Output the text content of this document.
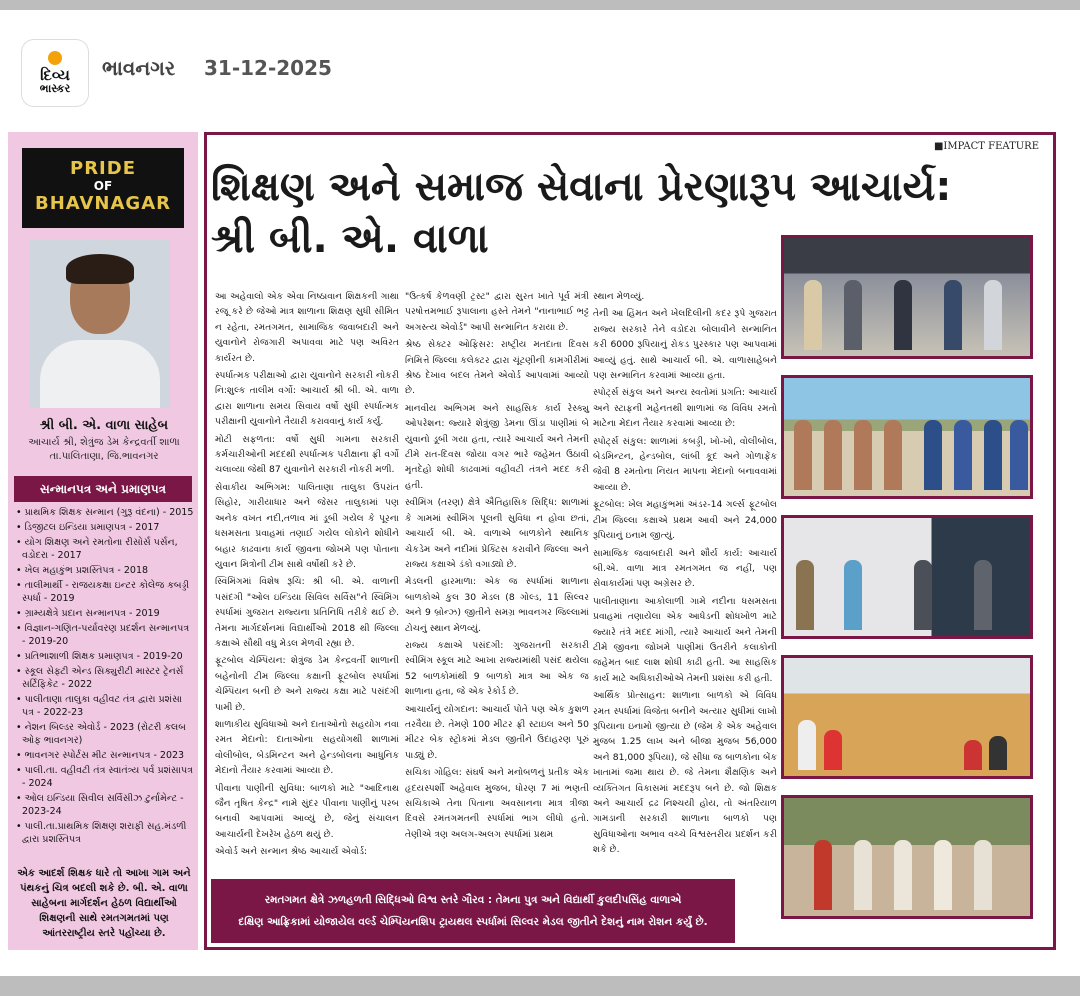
દિવ્ય
ભાસ્કર
ભાવનગર 31-12-2025
PRIDE
OF
BHAVNAGAR
શ્રી બી. એ. વાળા સાહેબ
આચાર્ય શ્રી, શેત્રુંજ ડેમ કેન્દ્રવર્તી શાળા તા.પાલિતાણા, જિ.ભાવનગર
સન્માનપત્ર અને પ્રમાણપત્ર
• પ્રાથમિક શિક્ષક સન્માન (ગુરૂ વંદના) - 2015
• ડિજીટલ ઇન્ડિયા પ્રમાણપત્ર - 2017
• યોગ શિક્ષણ અને રમતોના રીસોર્સ પર્સન, વડોદરા - 2017
• ખેલ મહાકુંભ પ્રશસ્તિપત્ર - 2018
• તાલીમાર્થી - રાજયકક્ષા ઇન્ટર કોલેજ કબડ્ડી સ્પર્ધા - 2019
• ગ્રામ્યક્ષેત્રે પ્રદાન સન્માનપત્ર - 2019
• વિજ્ઞાન-ગણિત-પર્યાવરણ પ્રદર્શન સન્માનપત્ર - 2019-20
• પ્રતિભાશાળી શિક્ષક પ્રમાણપત્ર - 2019-20
• સ્કૂલ સેફ્ટી એન્ડ સિક્યુરીટી માસ્ટર ટ્રેનર્સ સર્ટિફિકેટ - 2022
• પાલીતાણા તાલુકા વહીવટ તંત્ર દ્વારા પ્રશંસા પત્ર - 2022-23
• નેશન બિલ્ડર એવોર્ડ - 2023 (રોટરી કલબ ઓફ ભાવનગર)
• ભાવનગર સ્પોર્ટસ મીટ સન્માનપત્ર - 2023
• પાલી.તા. વહીવટી તંત્ર સ્વાતંત્ર્ય પર્વ પ્રશંસાપત્ર - 2024
• ઓલ ઇન્ડિયા સિવીલ સર્વિસીઝ ટુર્નામેન્ટ - 2023-24
• પાલી.તા.પ્રાથમિક શિક્ષણ શરાફી સહ.મંડળી દ્વારા પ્રશસ્તિપત્ર
એક આદર્શ શિક્ષક ધારે તો આખા ગામ અને પંથકનું ચિત્ર બદલી શકે છે. બી. એ. વાળા સાહેબના માર્ગદર્શન હેઠળ વિદ્યાર્થીઓ શિક્ષણની સાથે રમતગમતમાં પણ આંતરરાષ્ટ્રીય સ્તરે પહોંચ્યા છે.
■IMPACT FEATURE
શિક્ષણ અને સમાજ સેવાના પ્રેરણારૂપ આચાર્ય:
શ્રી બી. એ. વાળા

આ અહેવાલો એક એવા નિષ્ઠાવાન શિક્ષકની ગાથા રજૂ કરે છે જેઓ માત્ર શાળાના શિક્ષણ સુધી સીમિત ન રહેતા, રમતગમત, સામાજિક જવાબદારી અને યુવાનોને રોજગારી અપાવવા માટે પણ અવિરત કાર્યરત છે.

સ્પર્ધાત્મક પરીક્ષાઓ દ્વારા યુવાનોને સરકારી નોકરી નિ:શુલ્ક તાલીમ વર્ગો: આચાર્ય શ્રી બી. એ. વાળા દ્વારા શાળાના સમય સિવાય વર્ષો સુધી સ્પર્ધાત્મક પરીક્ષાની યુવાનોને તૈયારી કરાવવાનું કાર્ય કર્યું.

મોટી સફળતા: વર્ષો સુધી ગામના સરકારી કર્મચારીઓની મદદથી સ્પર્ધાત્મક પરીક્ષાના ફ્રી વર્ગો ચલાવ્યા જેથી 87 યુવાનોને સરકારી નોકરી મળી.

સેવાકીય અભિગમ: પાલિતાણા તાલુકા ઉપરાંત સિહોર, ગારીયાધાર અને જેસર તાલુકામાં પણ અનેક વખત નદી,તળાવ માં ડૂબી ગયેલ કે પૂરના ધસમસતા પ્રવાહમાં તણાઈ ગયેલ લોકોને શોધીને બહાર કાઢવાના કાર્ય જીવના જોખમે પણ પોતાના યુવાન મિત્રોની ટીમ સાથે વર્ષોથી કરે છે.

સ્વિમિંગમાં વિશેષ રૂચિ: શ્રી બી. એ. વાળાની પસંદગી "ઓલ ઇન્ડિયા સિવિલ સર્વિસ"ને સ્વિમિંગ સ્પર્ધામાં ગુજરાત રાજ્યના પ્રતિનિધિ તરીકે થઈ છે. તેમના માર્ગદર્શનમાં વિદ્યાર્થીઓ 2018 થી જિલ્લા કક્ષાએ સૌથી વધુ મેડલ મેળવી રહ્યા છે.

ફૂટબોલ ચેમ્પિયન: શેત્રુંજ ડેમ કેન્દ્રવર્તી શાળાની બહેનોની ટીમ જિલ્લા કક્ષાની ફૂટબોલ સ્પર્ધામાં ચેમ્પિયન બની છે અને રાજ્ય કક્ષા માટે પસંદગી પામી છે.

શાળાકીય સુવિધાઓ અને દાતાઓનો સહયોગ નવા રમત મેદાનો: દાતાઓના સહયોગથી શાળામાં વોલીબોલ, બેડમિન્ટન અને હેન્ડબોલના આધુનિક મેદાનો તૈયાર કરવામાં આવ્યા છે.

પીવાના પાણીની સુવિધા: બાળકો માટે "આદિનાથ જૈન તૃષિત કેન્દ્ર" નામે સુંદર પીવાના પાણીનું પરબ બનાવી આપવામાં આવ્યું છે, જેનું સંચાલન આચાર્યની દેખરેખ હેઠળ થયું છે.

એવોર્ડ અને સન્માન શ્રેષ્ઠ આચાર્ય એવોર્ડ:

"ઉત્કર્ષ કેળવણી ટ્રસ્ટ" દ્વારા સુરત ખાતે પૂર્વ મંત્રી પરષોત્તમભાઈ રૂપાલાના હસ્તે તેમને "નાનાભાઈ ભટ્ટ અગસ્ત્ય એવોર્ડ" આપી સન્માનિત કરાયા છે.

શ્રેષ્ઠ સેક્ટર ઓફિસર: રાષ્ટ્રીય મતદાતા દિવસ નિમિત્તે જિલ્લા કલેક્ટર દ્વારા ચૂંટણીની કામગીરીમાં શ્રેષ્ઠ દેખાવ બદલ તેમને એવોર્ડ આપવામાં આવ્યો છે.

માનવીય અભિગમ અને સાહસિક કાર્ય રેસ્ક્યુ ઓપરેશન: જ્યારે શેત્રુંજી ડેમના ઊંડા પાણીમાં બે યુવાનો ડૂબી ગયા હતા, ત્યારે આચાર્ય અને તેમની ટીમે રાત-દિવસ જોયા વગર ભારે જહેમત ઉઠાવી મૃતદેહો શોધી કાઢવામાં વહીવટી તંત્રને મદદ કરી હતી.

સ્વીમિંગ (તરણ) ક્ષેત્રે ઐતિહાસિક સિદ્ધિ: શાળામાં કે ગામમાં સ્વીમિંગ પૂલની સુવિધા ન હોવા છતાં, આચાર્ય બી. એ. વાળાએ બાળકોને સ્થાનિક ચેકડેમ અને નદીમાં પ્રેક્ટિસ કરાવીને જિલ્લા અને રાજ્ય કક્ષાએ ડંકો વગાડ્યો છે.

મેડલની હારમાળા: એક જ સ્પર્ધામાં શાળાના બાળકોએ કુલ 30 મેડલ (8 ગોલ્ડ, 11 સિલ્વર અને 9 બ્રોન્ઝ) જીતીને સમગ્ર ભાવનગર જિલ્લામાં ટોચનું સ્થાન મેળવ્યું.

રાજ્ય કક્ષાએ પસંદગી: ગુજરાતની સરકારી સ્વીમિંગ સ્કૂલ માટે આખા રાજ્યમાંથી પસંદ થયેલા 52 બાળકોમાંથી 9 બાળકો માત્ર આ એક જ શાળાના હતા, જે એક રેકોર્ડ છે.

આચાર્યનું યોગદાન: આચાર્ય પોતે પણ એક કુશળ તરવૈયા છે. તેમણે 100 મીટર ફ્રી સ્ટાઇલ અને 50 મીટર બેક સ્ટ્રોકમાં મેડલ જીતીને ઉદાહરણ પૂરું પાડ્યું છે.

સચિકા ગોહિલ: સંઘર્ષ અને મનોબળનું પ્રતીક એક હૃદયસ્પર્શી અહેવાલ મુજબ, ધોરણ 7 માં ભણતી સચિકાએ તેના પિતાના અવસાનના માત્ર ત્રીજા દિવસે રમતગમતની સ્પર્ધામાં ભાગ લીધો હતો. તેણીએ ત્રણ અલગ-અલગ સ્પર્ધામાં પ્રથમ

સ્થાન મેળવ્યું.

તેની આ હિંમત અને ખેલદિલીની કદર રૂપે ગુજરાત રાજ્ય સરકારે તેને વડોદરા બોલાવીને સન્માનિત કરી 6000 રૂપિયાનું રોકડ પુરસ્કાર પણ આપવામાં આવ્યું હતું. સાથે આચાર્ય બી. એ. વાળાસાહેબને પણ સન્માનિત કરવામાં આવ્યા હતા.

સ્પોર્ટ્સ સંકુલ અને અન્ય સ્વતોમાં પ્રગતિ: આચાર્ય અને સ્ટાફની મહેનતથી શાળામાં જ વિવિધ રમતો માટેના મેદાન તૈયાર કરવામાં આવ્યા છે:

સ્પોર્ટ્સ સંકુલ: શાળામાં કબડ્ડી, ખો-ખો, વોલીબોલ, બેડમિન્ટન, હેન્ડબોલ, લાંબી કૂદ અને ગોળાફેંક જેવી 8 રમતોના નિયત માપના મેદાનો બનાવવામાં આવ્યા છે.

ફૂટબોલ: ખેલ મહાકુંભમાં અંડર-14 ગર્લ્સ ફૂટબોલ ટીમ જિલ્લા કક્ષાએ પ્રથમ આવી અને 24,000 રૂપિયાનું ઇનામ જીત્યું.

સામાજિક જવાબદારી અને શૌર્ય કાર્ય: આચાર્ય બી.એ. વાળા માત્ર રમતગમત જ નહીં, પણ સેવાકાર્યમાં પણ અગ્રેસર છે.

પાલીતાણાના આકોલાળી ગામે નદીના ધસમસતા પ્રવાહમાં તણાયેલા એક આધેડની શોધખોળ માટે જ્યારે તંત્રે મદદ માંગી, ત્યારે આચાર્ય અને તેમની ટીમે જીવના જોખમે પાણીમાં ઉતરીને કલાકોની જહેમત બાદ લાશ શોધી કાઢી હતી. આ સાહસિક કાર્ય માટે અધિકારીઓએ તેમની પ્રશંસા કરી હતી.

આર્થિક પ્રોત્સાહન: શાળાના બાળકો એ વિવિધ રમત સ્પર્ધામાં વિજેતા બનીને અત્યાર સુધીમાં લાખો રૂપિયાના ઇનામો જીત્યા છે (જેમ કે એક અહેવાલ મુજબ 1.25 લાખ અને બીજા મુજબ 56,000 અને 81,000 રૂપિયા), જે સીધા જ બાળકોના બેંક ખાતામાં જમા થાય છે. જે તેમના શૈક્ષણિક અને વ્યક્તિગત વિકાસમાં મદદરૂપ બને છે. જો શિક્ષક અને આચાર્ય દ્રઢ નિશ્ચયી હોય, તો અંતરિયાળ ગામડાની સરકારી શાળાના બાળકો પણ સુવિધાઓના અભાવ વચ્ચે વિશ્વસ્તરીય પ્રદર્શન કરી શકે છે.

રમતગમત ક્ષેત્રે ઝળહળતી સિદ્ધિઓ વિશ્વ સ્તરે ગૌરવ : તેમના પુત્ર અને વિદ્યાર્થી કુલદીપસિંહ વાળાએ
દક્ષિણ આફ્રિકામાં યોજાયેલ વર્લ્ડ ચેમ્પિયનશિપ ટ્રાયથલ સ્પર્ધામાં સિલ્વર મેડલ જીતીને દેશનું નામ રોશન કર્યું છે.
